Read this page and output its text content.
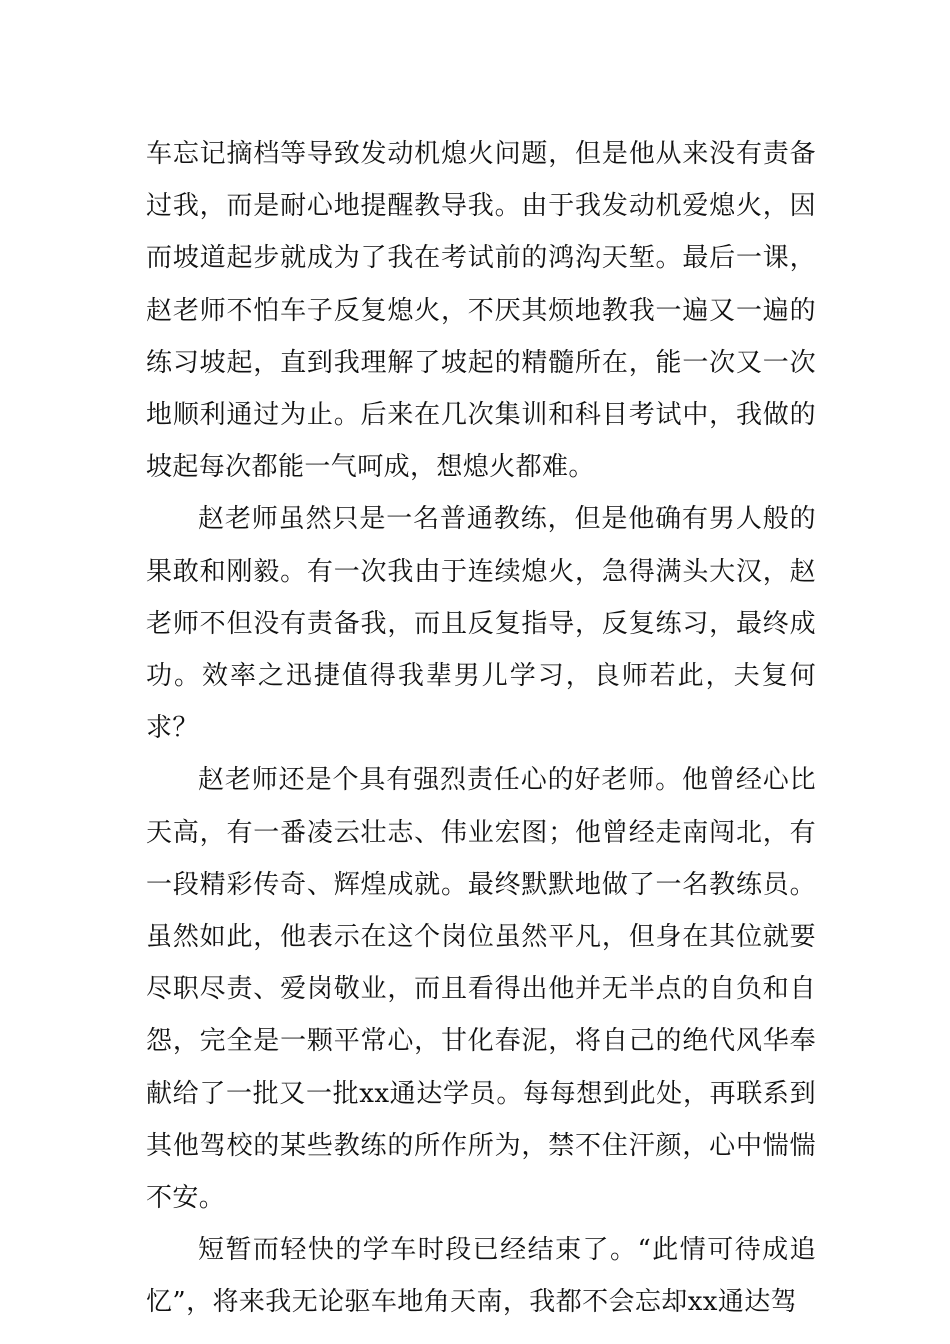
车忘记摘档等导致发动机熄火问题，但是他从来没有责备过我，而是耐心地提醒教导我。由于我发动机爱熄火，因而坡道起步就成为了我在考试前的鸿沟天堑。最后一课，赵老师不怕车子反复熄火，不厌其烦地教我一遍又一遍的练习坡起，直到我理解了坡起的精髓所在，能一次又一次地顺利通过为止。后来在几次集训和科目考试中，我做的坡起每次都能一气呵成，想熄火都难。

赵老师虽然只是一名普通教练，但是他确有男人般的果敢和刚毅。有一次我由于连续熄火，急得满头大汉，赵老师不但没有责备我，而且反复指导，反复练习，最终成功。效率之迅捷值得我辈男儿学习，良师若此，夫复何求？

赵老师还是个具有强烈责任心的好老师。他曾经心比天高，有一番凌云壮志、伟业宏图；他曾经走南闯北，有一段精彩传奇、辉煌成就。最终默默地做了一名教练员。虽然如此，他表示在这个岗位虽然平凡，但身在其位就要尽职尽责、爱岗敬业，而且看得出他并无半点的自负和自怨，完全是一颗平常心，甘化春泥，将自己的绝代风华奉献给了一批又一批xx通达学员。每每想到此处，再联系到其他驾校的某些教练的所作所为，禁不住汗颜，心中惴惴不安。

短暂而轻快的学车时段已经结束了。“此情可待成追忆”，将来我无论驱车地角天南，我都不会忘却xx通达驾
